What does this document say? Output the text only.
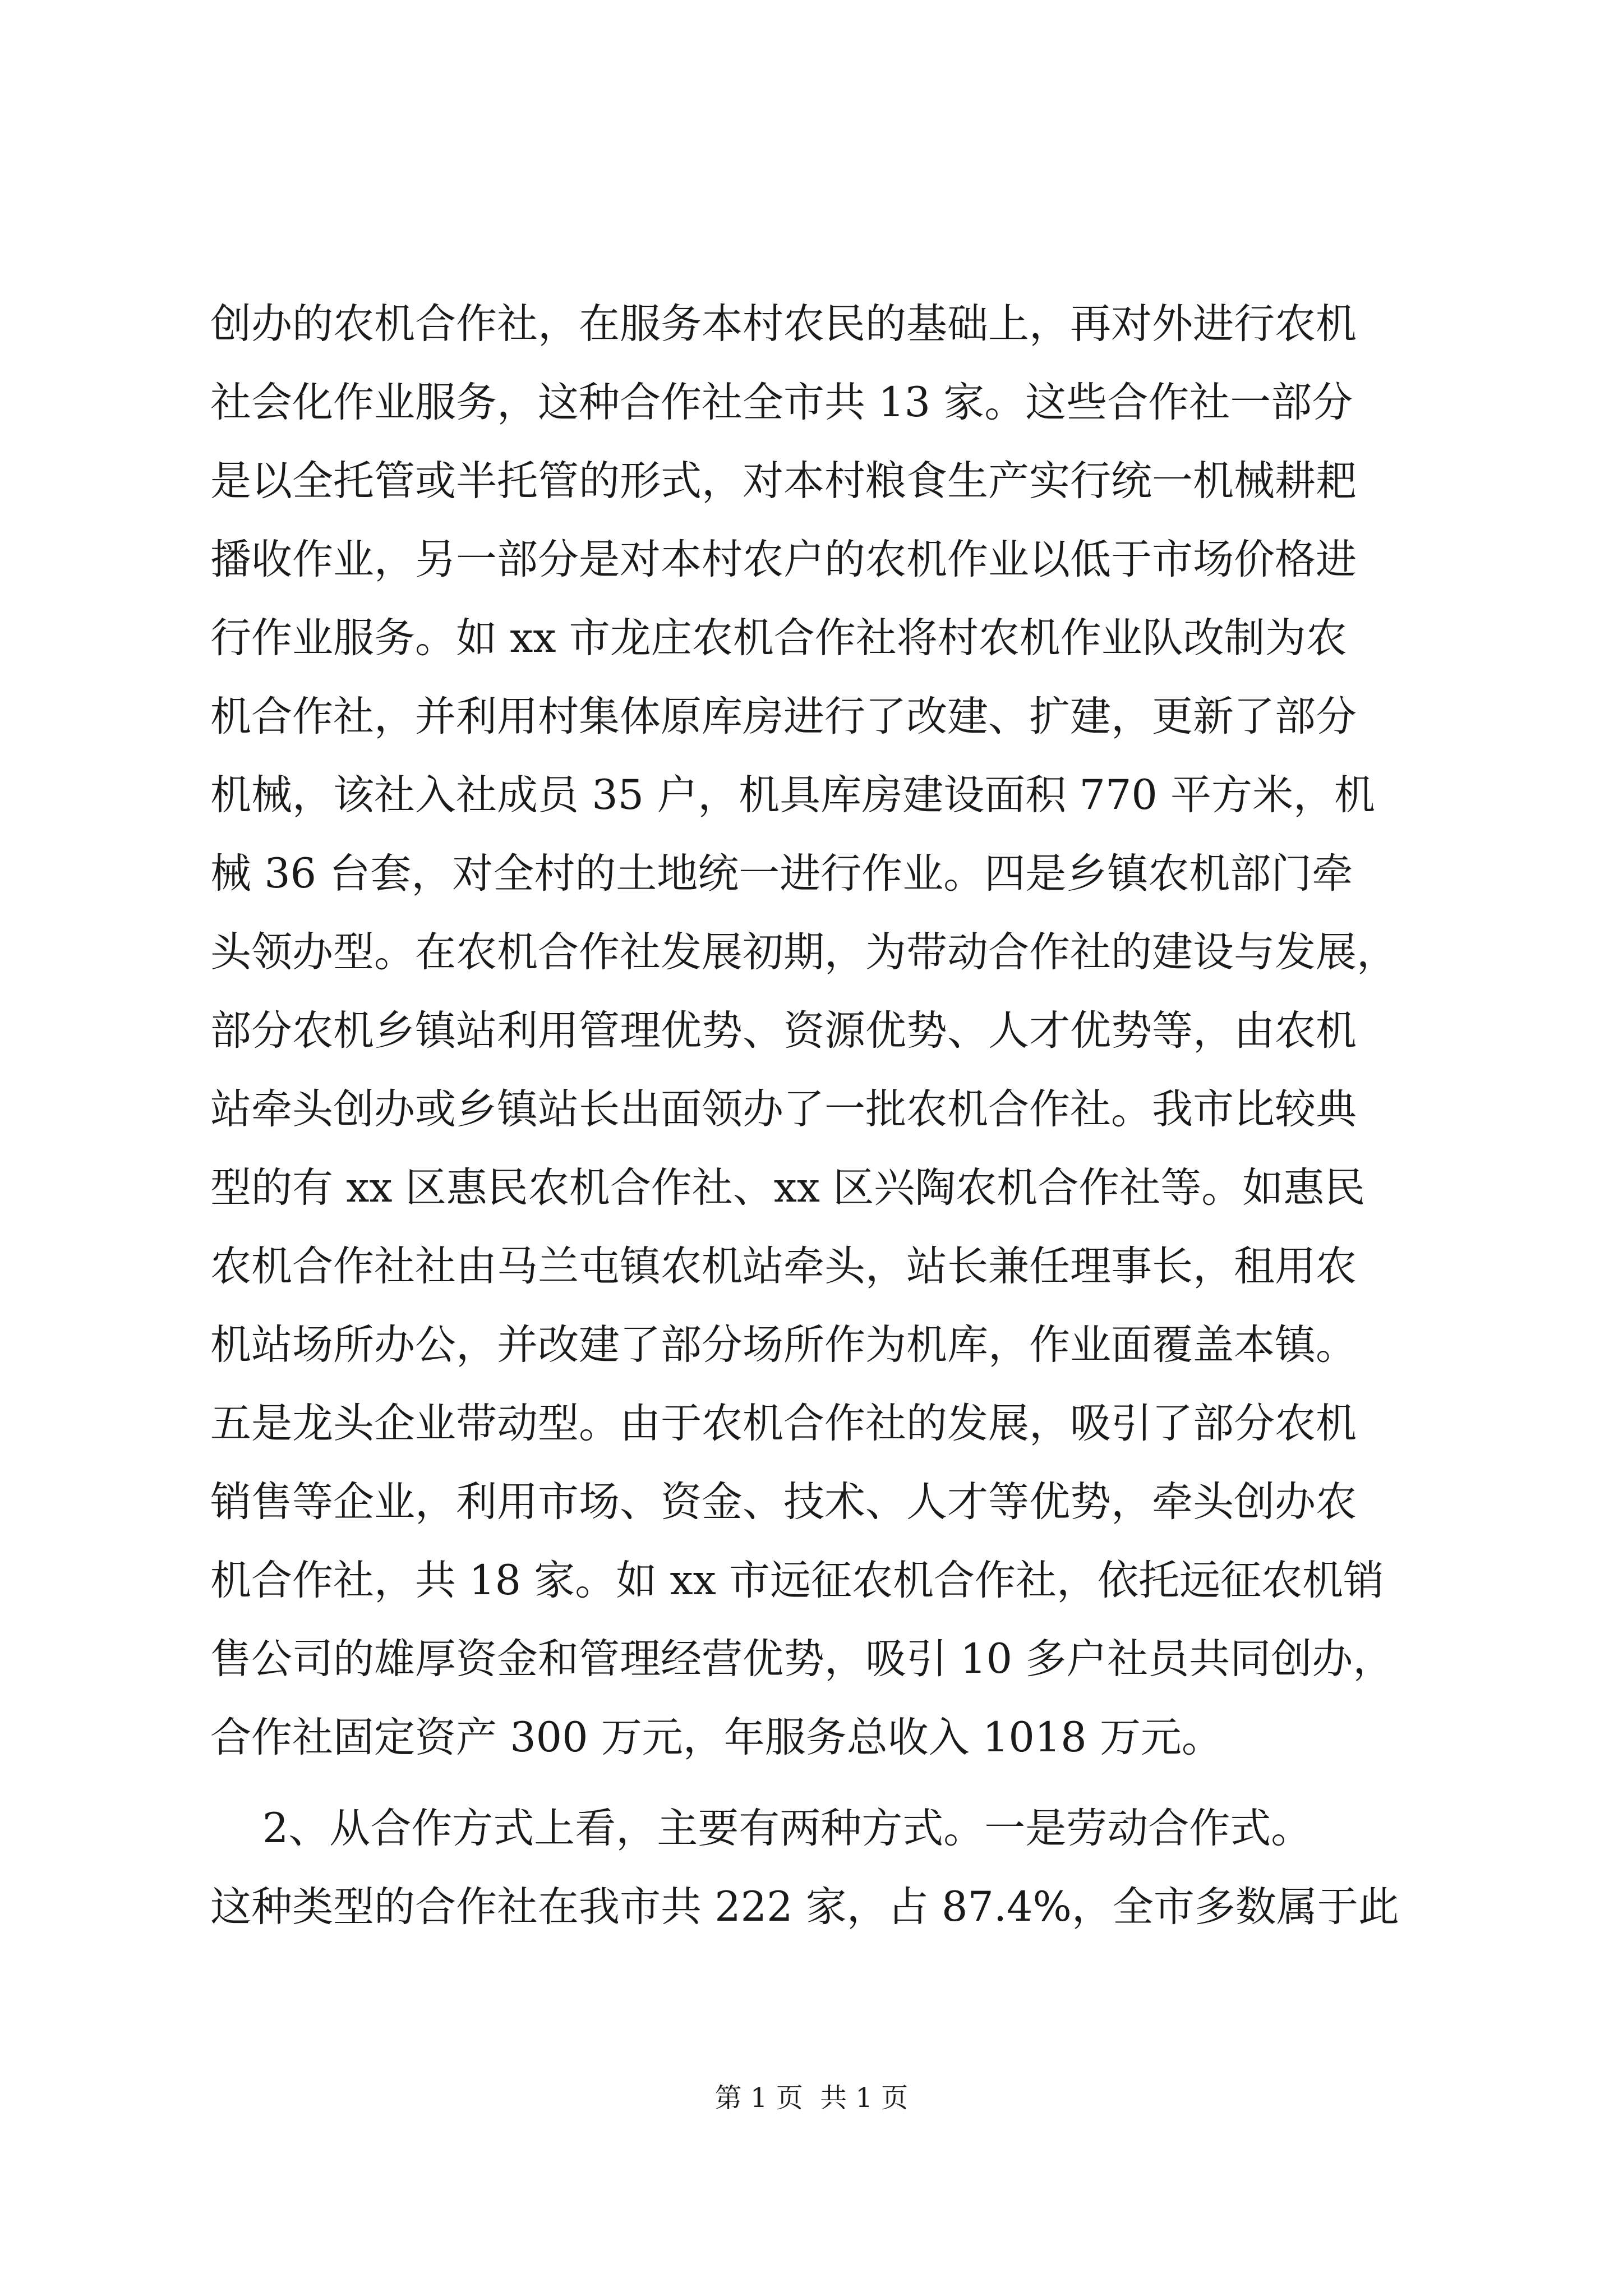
创办的农机合作社，在服务本村农民的基础上，再对外进行农机
社会化作业服务，这种合作社全市共 13 家。这些合作社一部分
是以全托管或半托管的形式，对本村粮食生产实行统一机械耕耙
播收作业，另一部分是对本村农户的农机作业以低于市场价格进
行作业服务。如 xx 市龙庄农机合作社将村农机作业队改制为农
机合作社，并利用村集体原库房进行了改建、扩建，更新了部分
机械，该社入社成员 35 户，机具库房建设面积 770 平方米，机
械 36 台套，对全村的土地统一进行作业。四是乡镇农机部门牵
头领办型。在农机合作社发展初期，为带动合作社的建设与发展，
部分农机乡镇站利用管理优势、资源优势、人才优势等，由农机
站牵头创办或乡镇站长出面领办了一批农机合作社。我市比较典
型的有 xx 区惠民农机合作社、xx 区兴陶农机合作社等。如惠民
农机合作社社由马兰屯镇农机站牵头，站长兼任理事长，租用农
机站场所办公，并改建了部分场所作为机库，作业面覆盖本镇。
五是龙头企业带动型。由于农机合作社的发展，吸引了部分农机
销售等企业，利用市场、资金、技术、人才等优势，牵头创办农
机合作社，共 18 家。如 xx 市远征农机合作社，依托远征农机销
售公司的雄厚资金和管理经营优势，吸引 10 多户社员共同创办，
合作社固定资产 300 万元，年服务总收入 1018 万元。
2、从合作方式上看，主要有两种方式。一是劳动合作式。
这种类型的合作社在我市共 222 家，占 87.4%，全市多数属于此
第 1 页  共 1 页
